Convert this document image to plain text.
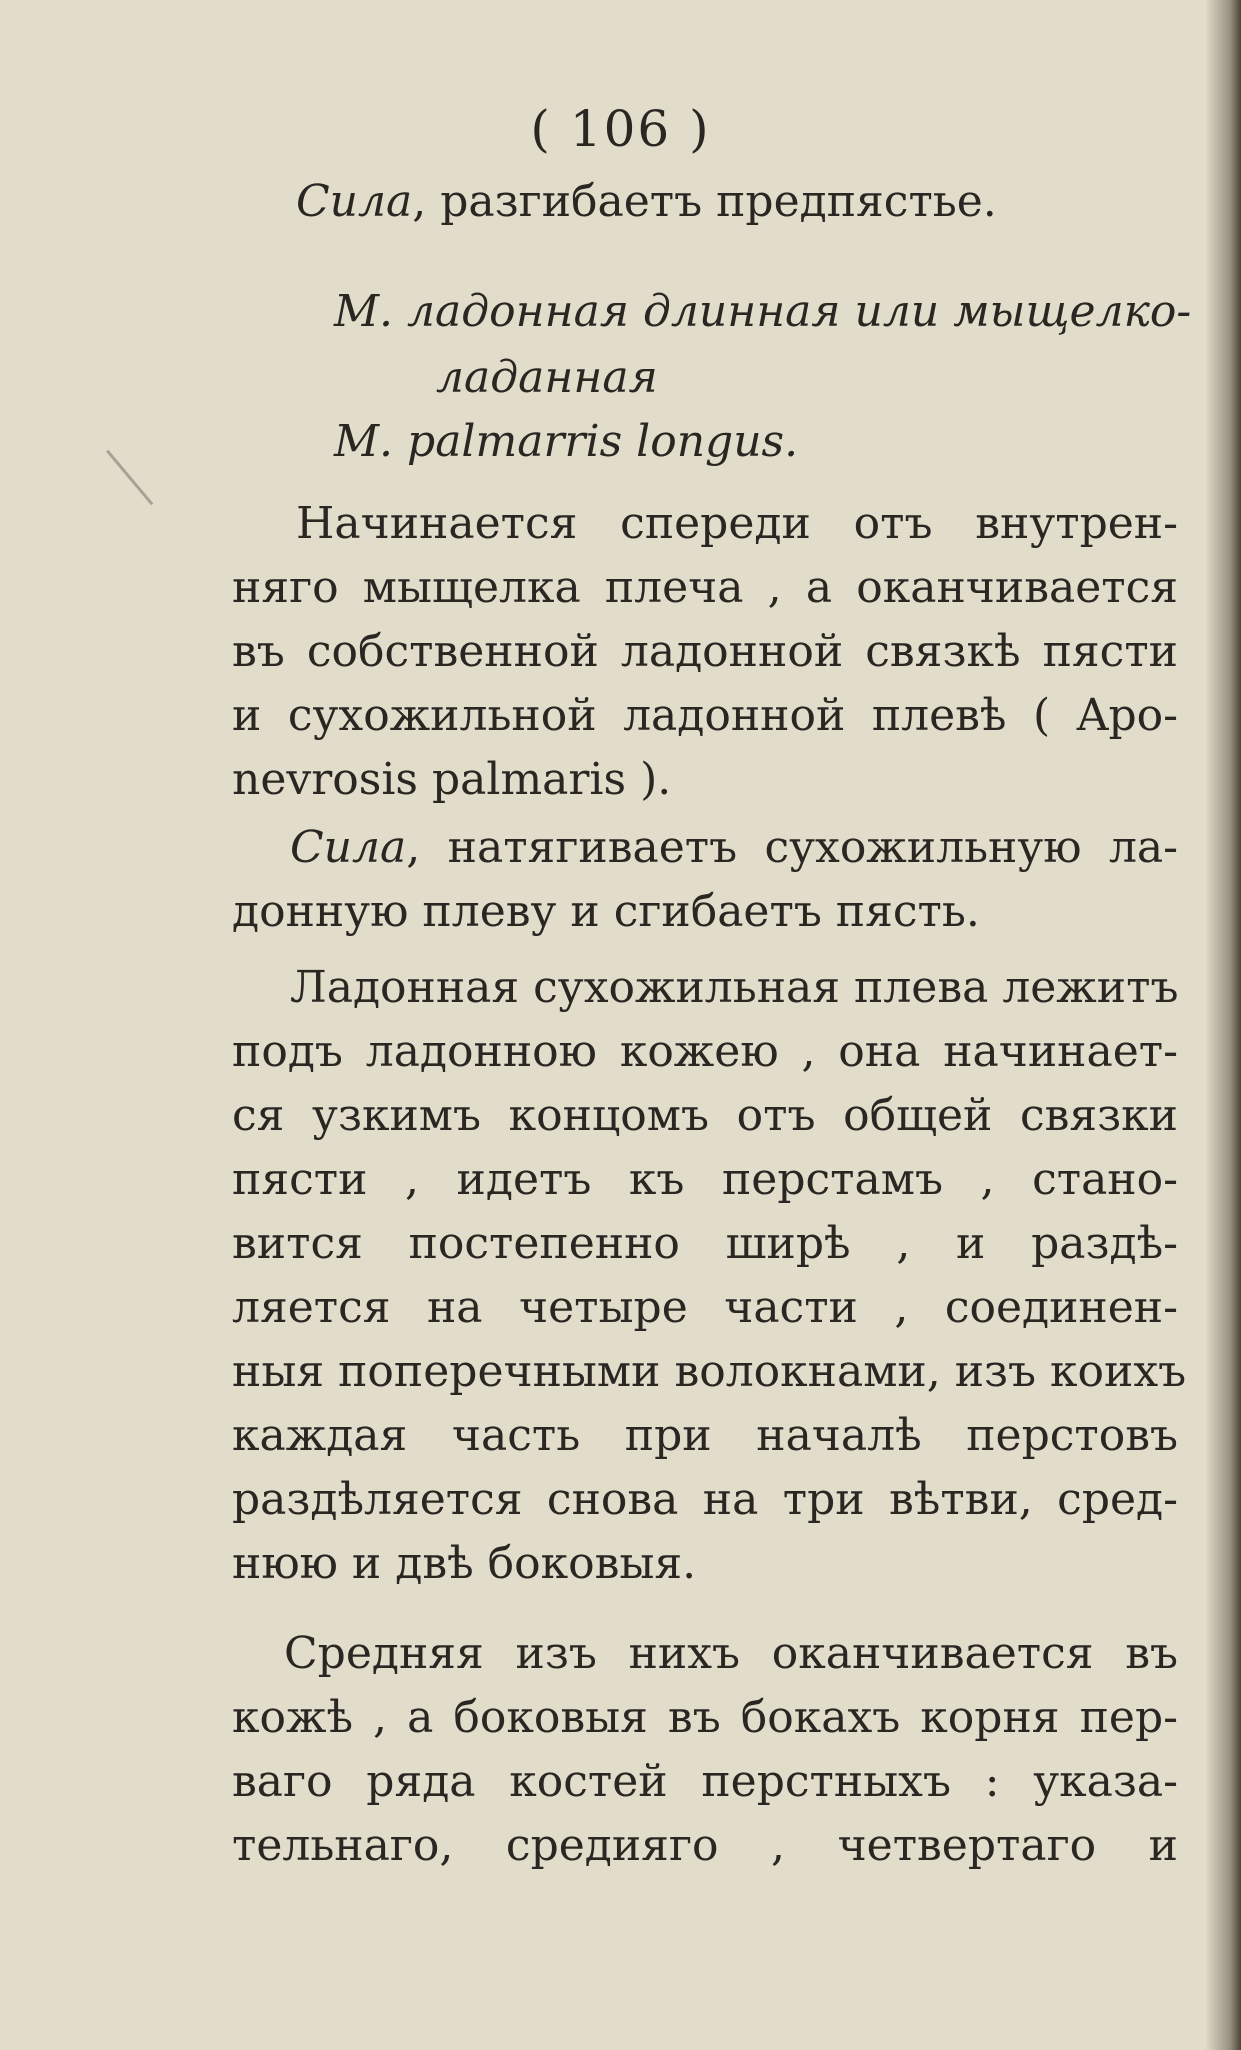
( 106 )
Сила, разгибаетъ предпястье.
M. ладонная длинная или мыщелко-
ладанная
M. palmarris longus.
Начинается спереди отъ внутрен-
няго мыщелка плеча , а оканчивается
въ собственной ладонной связкѣ пясти
и сухожильной ладонной плевѣ ( Apo-
nevrosis palmaris ).
Сила, натягиваетъ сухожильную ла-
донную плеву и сгибаетъ пясть.
Ладонная сухожильная плева лежитъ
подъ ладонною кожею , она начинает-
ся узкимъ концомъ отъ общей связки
пясти , идетъ къ перстамъ , стано-
вится постепенно ширѣ , и раздѣ-
ляется на четыре части , соединен-
ныя поперечными волокнами, изъ коихъ
каждая часть при началѣ перстовъ
раздѣляется снова на три вѣтви, сред-
нюю и двѣ боковыя.
Средняя изъ нихъ оканчивается въ
кожѣ , а боковыя въ бокахъ корня пер-
ваго ряда костей перстныхъ : указа-
тельнаго, средияго , четвертаго и
